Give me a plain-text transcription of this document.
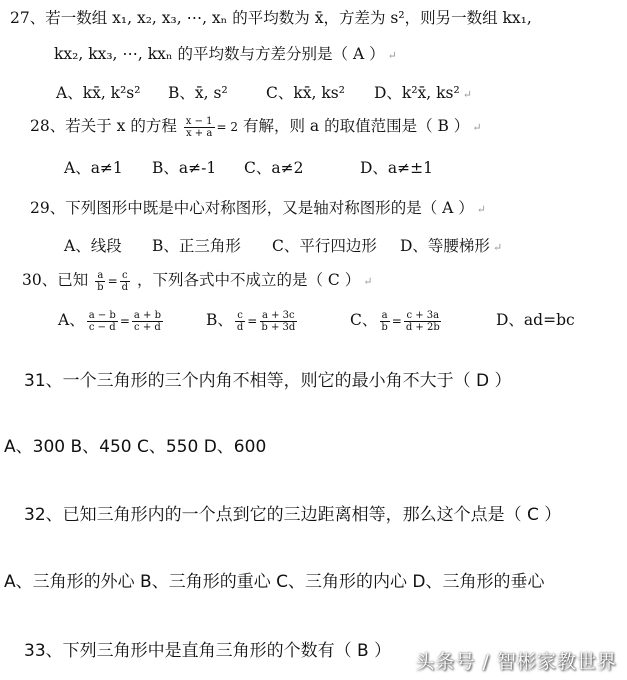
27、若一数组 x₁, x₂, x₃, ⋯, xₙ 的平均数为 x̄，方差为 s²，则另一数组 kx₁,
kx₂, kx₃, ⋯, kxₙ 的平均数与方差分别是（ A ） ↵
A、kx̄, k²s² B、x̄, s² C、kx̄, ks² D、k²x̄, ks² ↵
28、若关于 x 的方程 $\frac{x - 1}{x + a} = 2$ 有解，则 a 的取值范围是（ B ） ↵
A、a≠1 B、a≠-1 C、a≠2	D、a≠±1
29、下列图形中既是中心对称图形，又是轴对称图形的是（ A ） ↵
A、线段 B、正三角形 C、平行四边形 D、等腰梯形 ↵
30、已知 $\frac{a}{b} = \frac{c}{d}$ ，下列各式中不成立的是（ C ） ↵
A、 $\frac{a - b}{c - d} = \frac{a + b}{c + d}$	B、 $\frac{c}{d} = \frac{a + 3c}{b + 3d}$	C、 $\frac{a}{b} = \frac{c + 3a}{d + 2b}$	D、ad=bc
31、一个三角形的三个内角不相等，则它的最小角不大于（ D ）
A、300 B、450 C、550 D、600
32、已知三角形内的一个点到它的三边距离相等，那么这个点是（ C ）
A、三角形的外心 B、三角形的重心 C、三角形的内心 D、三角形的垂心
33、下列三角形中是直角三角形的个数有（ B ） 头条号 / 智彬家教世界
